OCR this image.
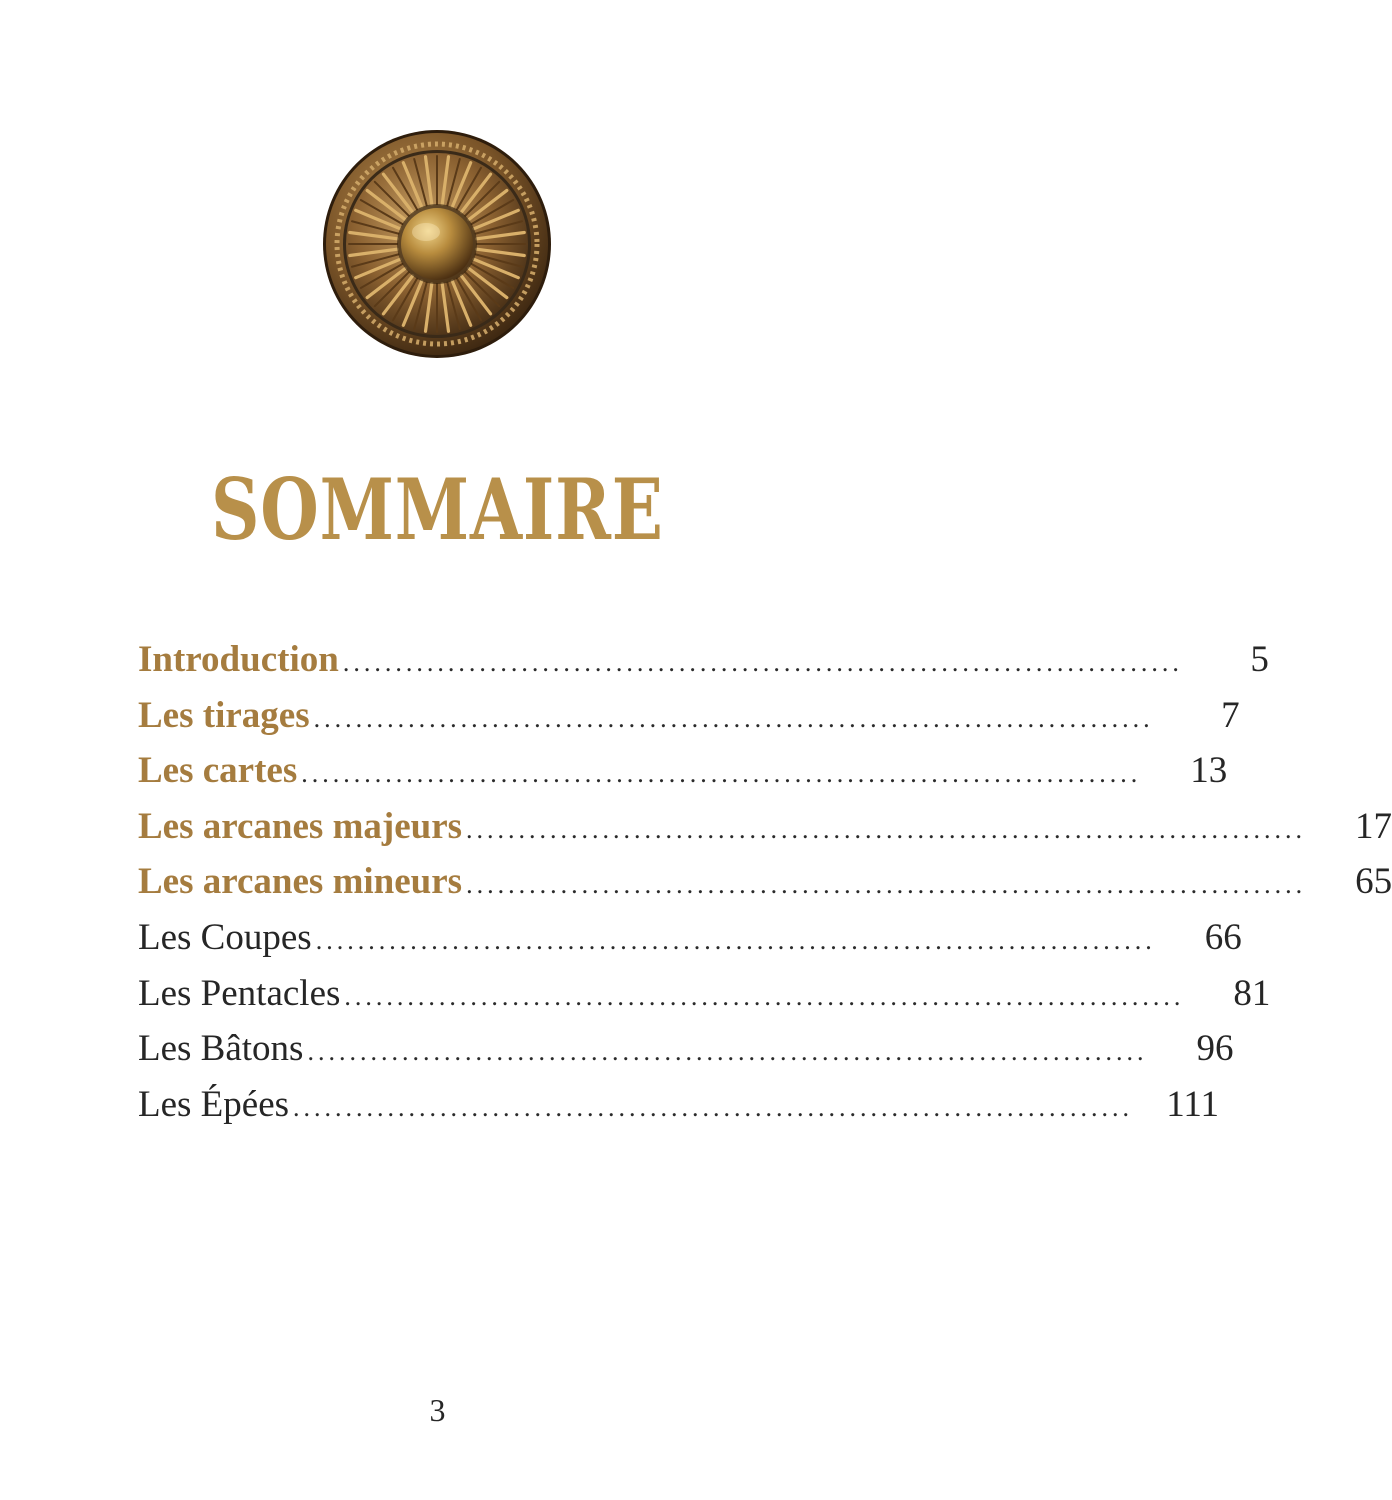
SOMMAIRE
Introduction ................................................................................	5
Les tirages ................................................................................	7
Les cartes ................................................................................	13
Les arcanes majeurs ................................................................................	17
Les arcanes mineurs ................................................................................	65
Les Coupes ................................................................................	66
Les Pentacles ................................................................................	81
Les Bâtons ................................................................................	96
Les Épées ................................................................................ 111
3
